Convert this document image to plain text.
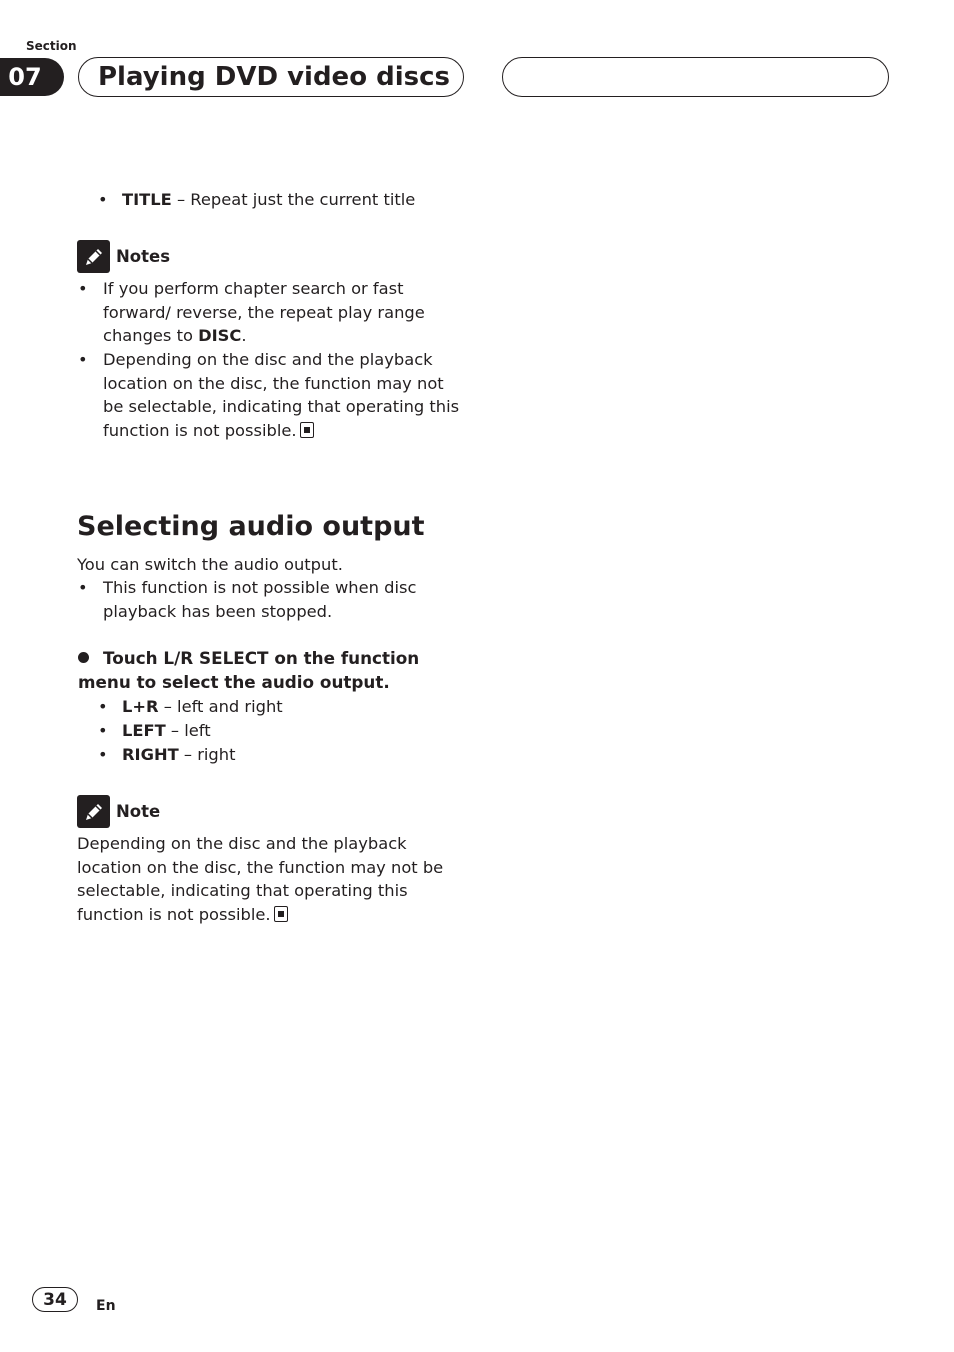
Section
07	Playing DVD video discs
• TITLE – Repeat just the current title
Notes
• If you perform chapter search or fast forward/ reverse, the repeat play range changes to DISC.
• Depending on the disc and the playback location on the disc, the function may not be selectable, indicating that operating this function is not possible.
Selecting audio output
You can switch the audio output.
• This function is not possible when disc playback has been stopped.
Touch L/R SELECT on the function menu to select the audio output.
• L+R – left and right
• LEFT – left
• RIGHT – right
Note
Depending on the disc and the playback location on the disc, the function may not be selectable, indicating that operating this function is not possible.
34	En
